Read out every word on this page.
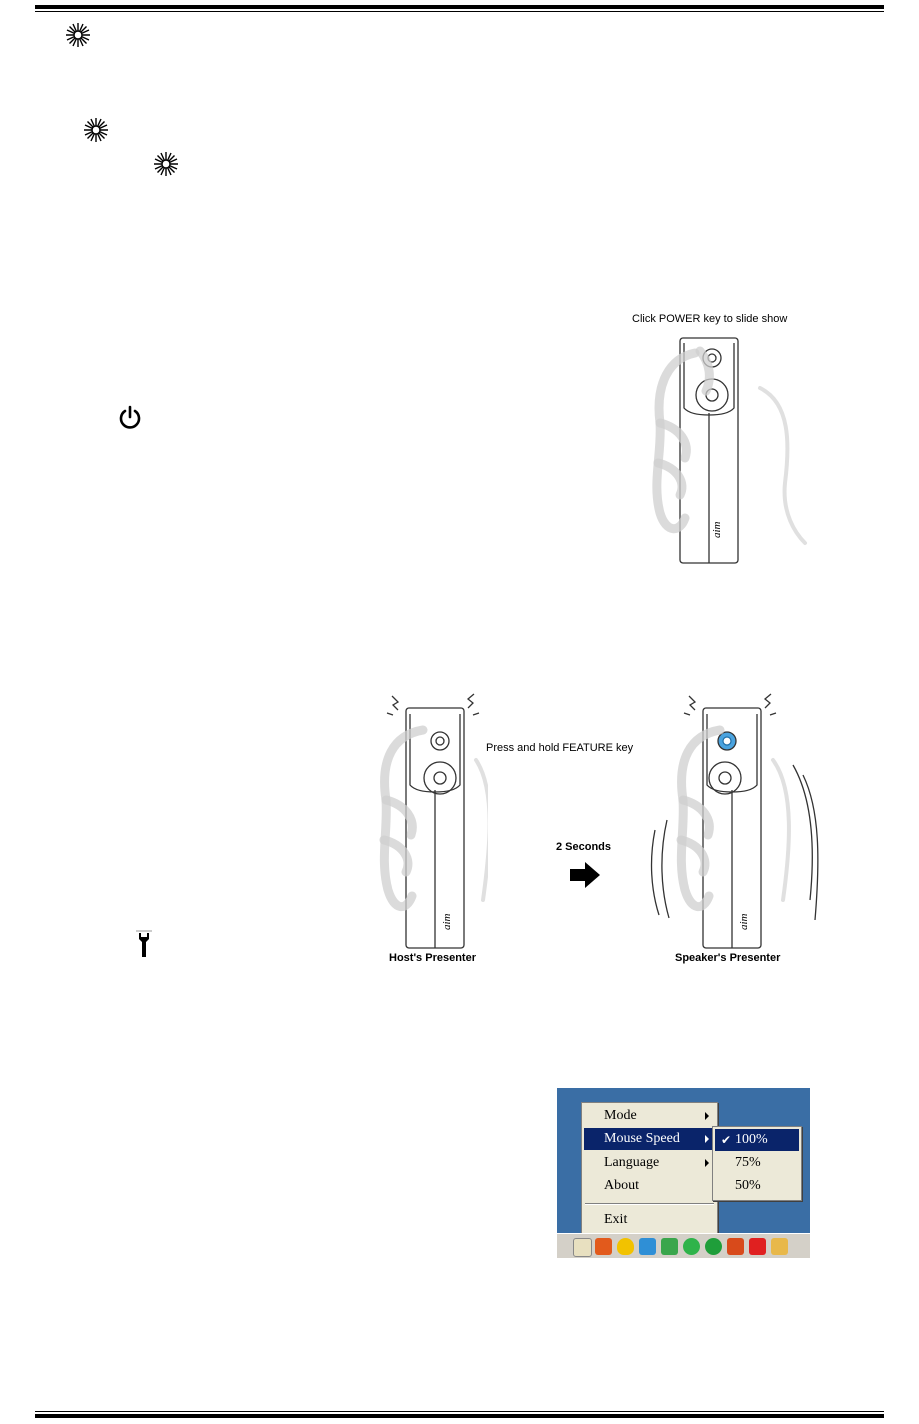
Click POWER key to slide show
aim
aim
Press and hold FEATURE key
2 Seconds
aim
Host's Presenter	Speaker's Presenter
Mode
Mouse Speed
Language
About
Exit
✔ 100%
75%
50%
